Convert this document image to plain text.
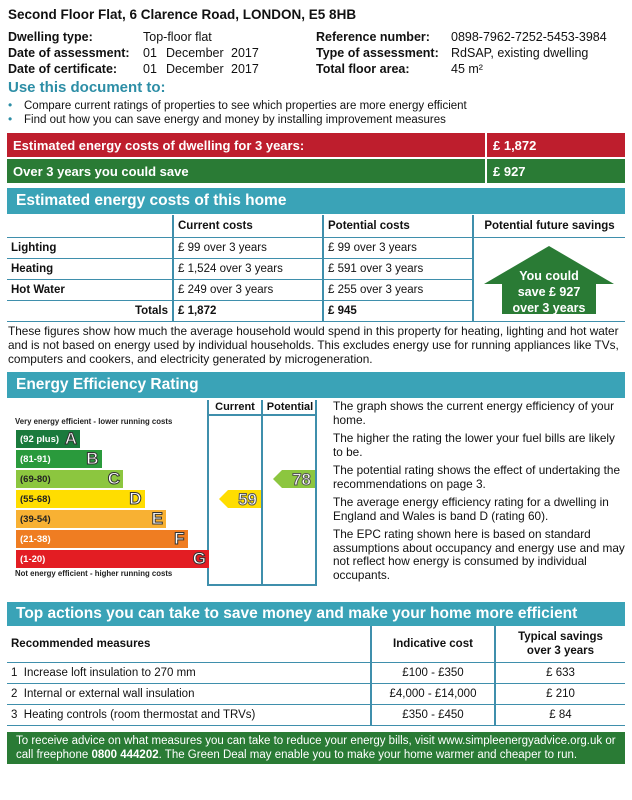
Second Floor Flat, 6 Clarence Road, LONDON, E5 8HB
Dwelling type:	Top-floor flat
Date of assessment: 01 December 2017
Date of certificate: 01 December 2017
Reference number: 0898-7962-7252-5453-3984
Type of assessment: RdSAP, existing dwelling
Total floor area:	45 m²
Use this document to:
• Compare current ratings of properties to see which properties are more energy efficient
• Find out how you can save energy and money by installing improvement measures
Estimated energy costs of dwelling for 3 years:	£ 1,872
Over 3 years you could save	£ 927
Estimated energy costs of this home
	Current costs	Potential costs	Potential future savings
Lighting	£ 99 over 3 years	£ 99 over 3 years	
Heating	£ 1,524 over 3 years	£ 591 over 3 years	
Hot Water	£ 249 over 3 years	£ 255 over 3 years	
Totals	£ 1,872	£ 945	
You could
save £ 927
over 3 years
These figures show how much the average household would spend in this property for heating, lighting and hot water and is not based on energy used by individual households. This excludes energy use for running appliances like TVs, computers and cookers, and electricity generated by microgeneration.
Energy Efficiency Rating
Current	Potential
Very energy efficient - lower running costs
(92 plus) A
(81-91) B
(69-80)	C
(55-68)	D
(39-54)	E
(21-38)	F
(1-20)	G
Not energy efficient - higher running costs
59
78

The graph shows the current energy efficiency of your home.

The higher the rating the lower your fuel bills are likely to be.

The potential rating shows the effect of undertaking the recommendations on page 3.

The average energy efficiency rating for a dwelling in England and Wales is band D (rating 60).

The EPC rating shown here is based on standard assumptions about occupancy and energy use and may not reflect how energy is consumed by individual occupants.

Top actions you can take to save money and make your home more efficient
Recommended measures	Indicative cost	Typical savings
over 3 years

1  Increase loft insulation to 270 mm	£100 - £350	£ 633
2  Internal or external wall insulation	£4,000 - £14,000	£ 210
3  Heating controls (room thermostat and TRVs)	£350 - £450	£ 84
To receive advice on what measures you can take to reduce your energy bills, visit www.simpleenergyadvice.org.uk or call freephone 0800 444202. The Green Deal may enable you to make your home warmer and cheaper to run.
